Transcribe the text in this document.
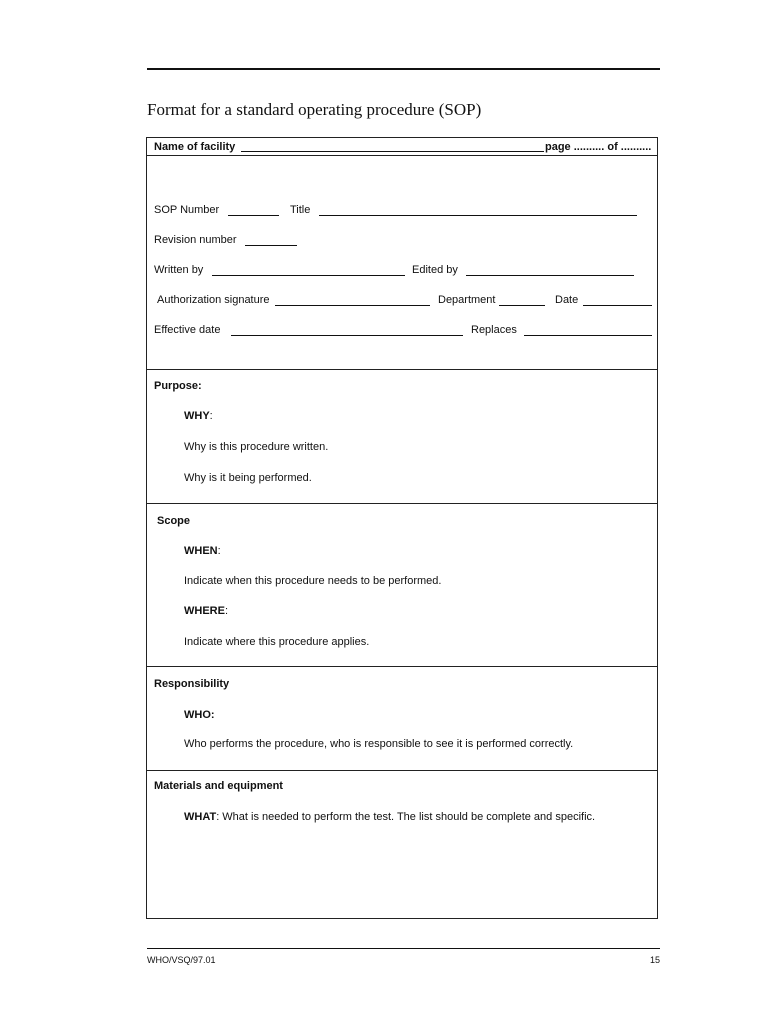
Format for a standard operating procedure (SOP)
Name of facility	page .......... of ..........
SOP Number	Title
Revision number
Written by	Edited by
Authorization signature	Department	Date
Effective date	Replaces
Purpose:
WHY:
Why is this procedure written.
Why is it being performed.
Scope
WHEN:
Indicate when this procedure needs to be performed.
WHERE:
Indicate where this procedure applies.
Responsibility
WHO:
Who performs the procedure, who is responsible to see it is performed correctly.
Materials and equipment
WHAT: What is needed to perform the test. The list should be complete and specific.
WHO/VSQ/97.01	15
